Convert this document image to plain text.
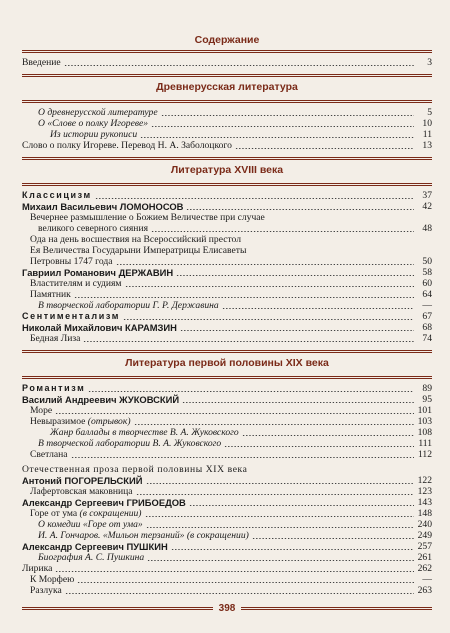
Содержание
Введение	3
Древнерусская литература
О древнерусской литературе	5
О «Слове о полку Игореве»	10
Из истории рукописи	11
Слово о полку Игореве. Перевод Н. А. Заболоцкого	13
Литература XVIII века
Классицизм	37
Михаил Васильевич ЛОМОНОСОВ	42
Вечернее размышление о Божием Величестве при случае
великого северного сияния	48
Ода на день восшествия на Всероссийский престол
Ея Величества Государыни Императрицы Елисаветы
Петровны 1747 года	50
Гавриил Романович ДЕРЖАВИН	58
Властителям и судиям	60
Памятник	64
В творческой лаборатории Г. Р. Державина	—
Сентиментализм	67
Николай Михайлович КАРАМЗИН	68
Бедная Лиза	74
Литература первой половины XIX века
Романтизм	89
Василий Андреевич ЖУКОВСКИЙ	95
Море	101
Невыразимое (отрывок)	103
Жанр баллады в творчестве В. А. Жуковского	108
В творческой лаборатории В. А. Жуковского	111
Светлана	112
Отечественная проза первой половины XIX века
Антоний ПОГОРЕЛЬСКИЙ	122
Лафертовская маковница	123
Александр Сергеевич ГРИБОЕДОВ	143
Горе от ума (в сокращении)	148
О комедии «Горе от ума»	240
И. А. Гончаров. «Мильон терзаний» (в сокращении)	249
Александр Сергеевич ПУШКИН	257
Биография А. С. Пушкина	261
Лирика	262
К Морфею	—
Разлука	263
398
